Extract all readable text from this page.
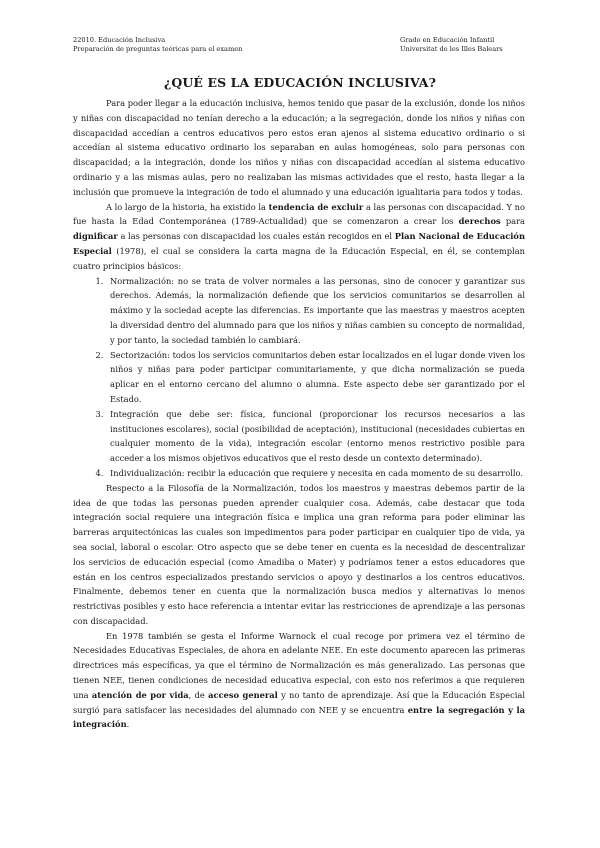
22010. Educación Inclusiva
Preparación de preguntas teóricas para el examen
Grado en Educación Infantil
Universitat de les Illes Balears
¿QUÉ ES LA EDUCACIÓN INCLUSIVA?

Para poder llegar a la educación inclusiva, hemos tenido que pasar de la exclusión, donde los niños y niñas con discapacidad no tenían derecho a la educación; a la segregación, donde los niños y niñas con discapacidad accedían a centros educativos pero estos eran ajenos al sistema educativo ordinario o si accedían al sistema educativo ordinario los separaban en aulas homogéneas, solo para personas con discapacidad; a la integración, donde los niños y niñas con discapacidad accedían al sistema educativo ordinario y a las mismas aulas, pero no realizaban las mismas actividades que el resto, hasta llegar a la inclusión que promueve la integración de todo el alumnado y una educación igualitaria para todos y todas.

A lo largo de la historia, ha existido la tendencia de excluir a las personas con discapacidad. Y no fue hasta la Edad Contemporánea (1789-Actualidad) que se comenzaron a crear los derechos para dignificar a las personas con discapacidad los cuales están recogidos en el Plan Nacional de Educación Especial (1978), el cual se considera la carta magna de la Educación Especial, en él, se contemplan cuatro principios básicos:

1. Normalización: no se trata de volver normales a las personas, sino de conocer y garantizar sus derechos. Además, la normalización defiende que los servicios comunitarios se desarrollen al máximo y la sociedad acepte las diferencias. Es importante que las maestras y maestros acepten la diversidad dentro del alumnado para que los niños y niñas cambien su concepto de normalidad, y por tanto, la sociedad también lo cambiará.
2. Sectorización: todos los servicios comunitarios deben estar localizados en el lugar donde viven los niños y niñas para poder participar comunitariamente, y que dicha normalización se pueda aplicar en el entorno cercano del alumno o alumna. Este aspecto debe ser garantizado por el Estado.
3. Integración que debe ser: física, funcional (proporcionar los recursos necesarios a las instituciones escolares), social (posibilidad de aceptación), institucional (necesidades cubiertas en cualquier momento de la vida), integración escolar (entorno menos restrictivo posible para acceder a los mismos objetivos educativos que el resto desde un contexto determinado).
4. Individualización: recibir la educación que requiere y necesita en cada momento de su desarrollo.

Respecto a la Filosofía de la Normalización, todos los maestros y maestras debemos partir de la idea de que todas las personas pueden aprender cualquier cosa. Además, cabe destacar que toda integración social requiere una integración física e implica una gran reforma para poder eliminar las barreras arquitectónicas las cuales son impedimentos para poder participar en cualquier tipo de vida, ya sea social, laboral o escolar. Otro aspecto que se debe tener en cuenta es la necesidad de descentralizar los servicios de educación especial (como Amadiba o Mater) y podríamos tener a estos educadores que están en los centros especializados prestando servicios o apoyo y destinarlos a los centros educativos. Finalmente, debemos tener en cuenta que la normalización busca medios y alternativas lo menos restrictivas posibles y esto hace referencia a intentar evitar las restricciones de aprendizaje a las personas con discapacidad.

En 1978 también se gesta el Informe Warnock el cual recoge por primera vez el término de Necesidades Educativas Especiales, de ahora en adelante NEE. En este documento aparecen las primeras directrices más específicas, ya que el término de Normalización es más generalizado. Las personas que tienen NEE, tienen condiciones de necesidad educativa especial, con esto nos referimos a que requieren una atención de por vida, de acceso general y no tanto de aprendizaje. Así que la Educación Especial surgió para satisfacer las necesidades del alumnado con NEE y se encuentra entre la segregación y la integración.
